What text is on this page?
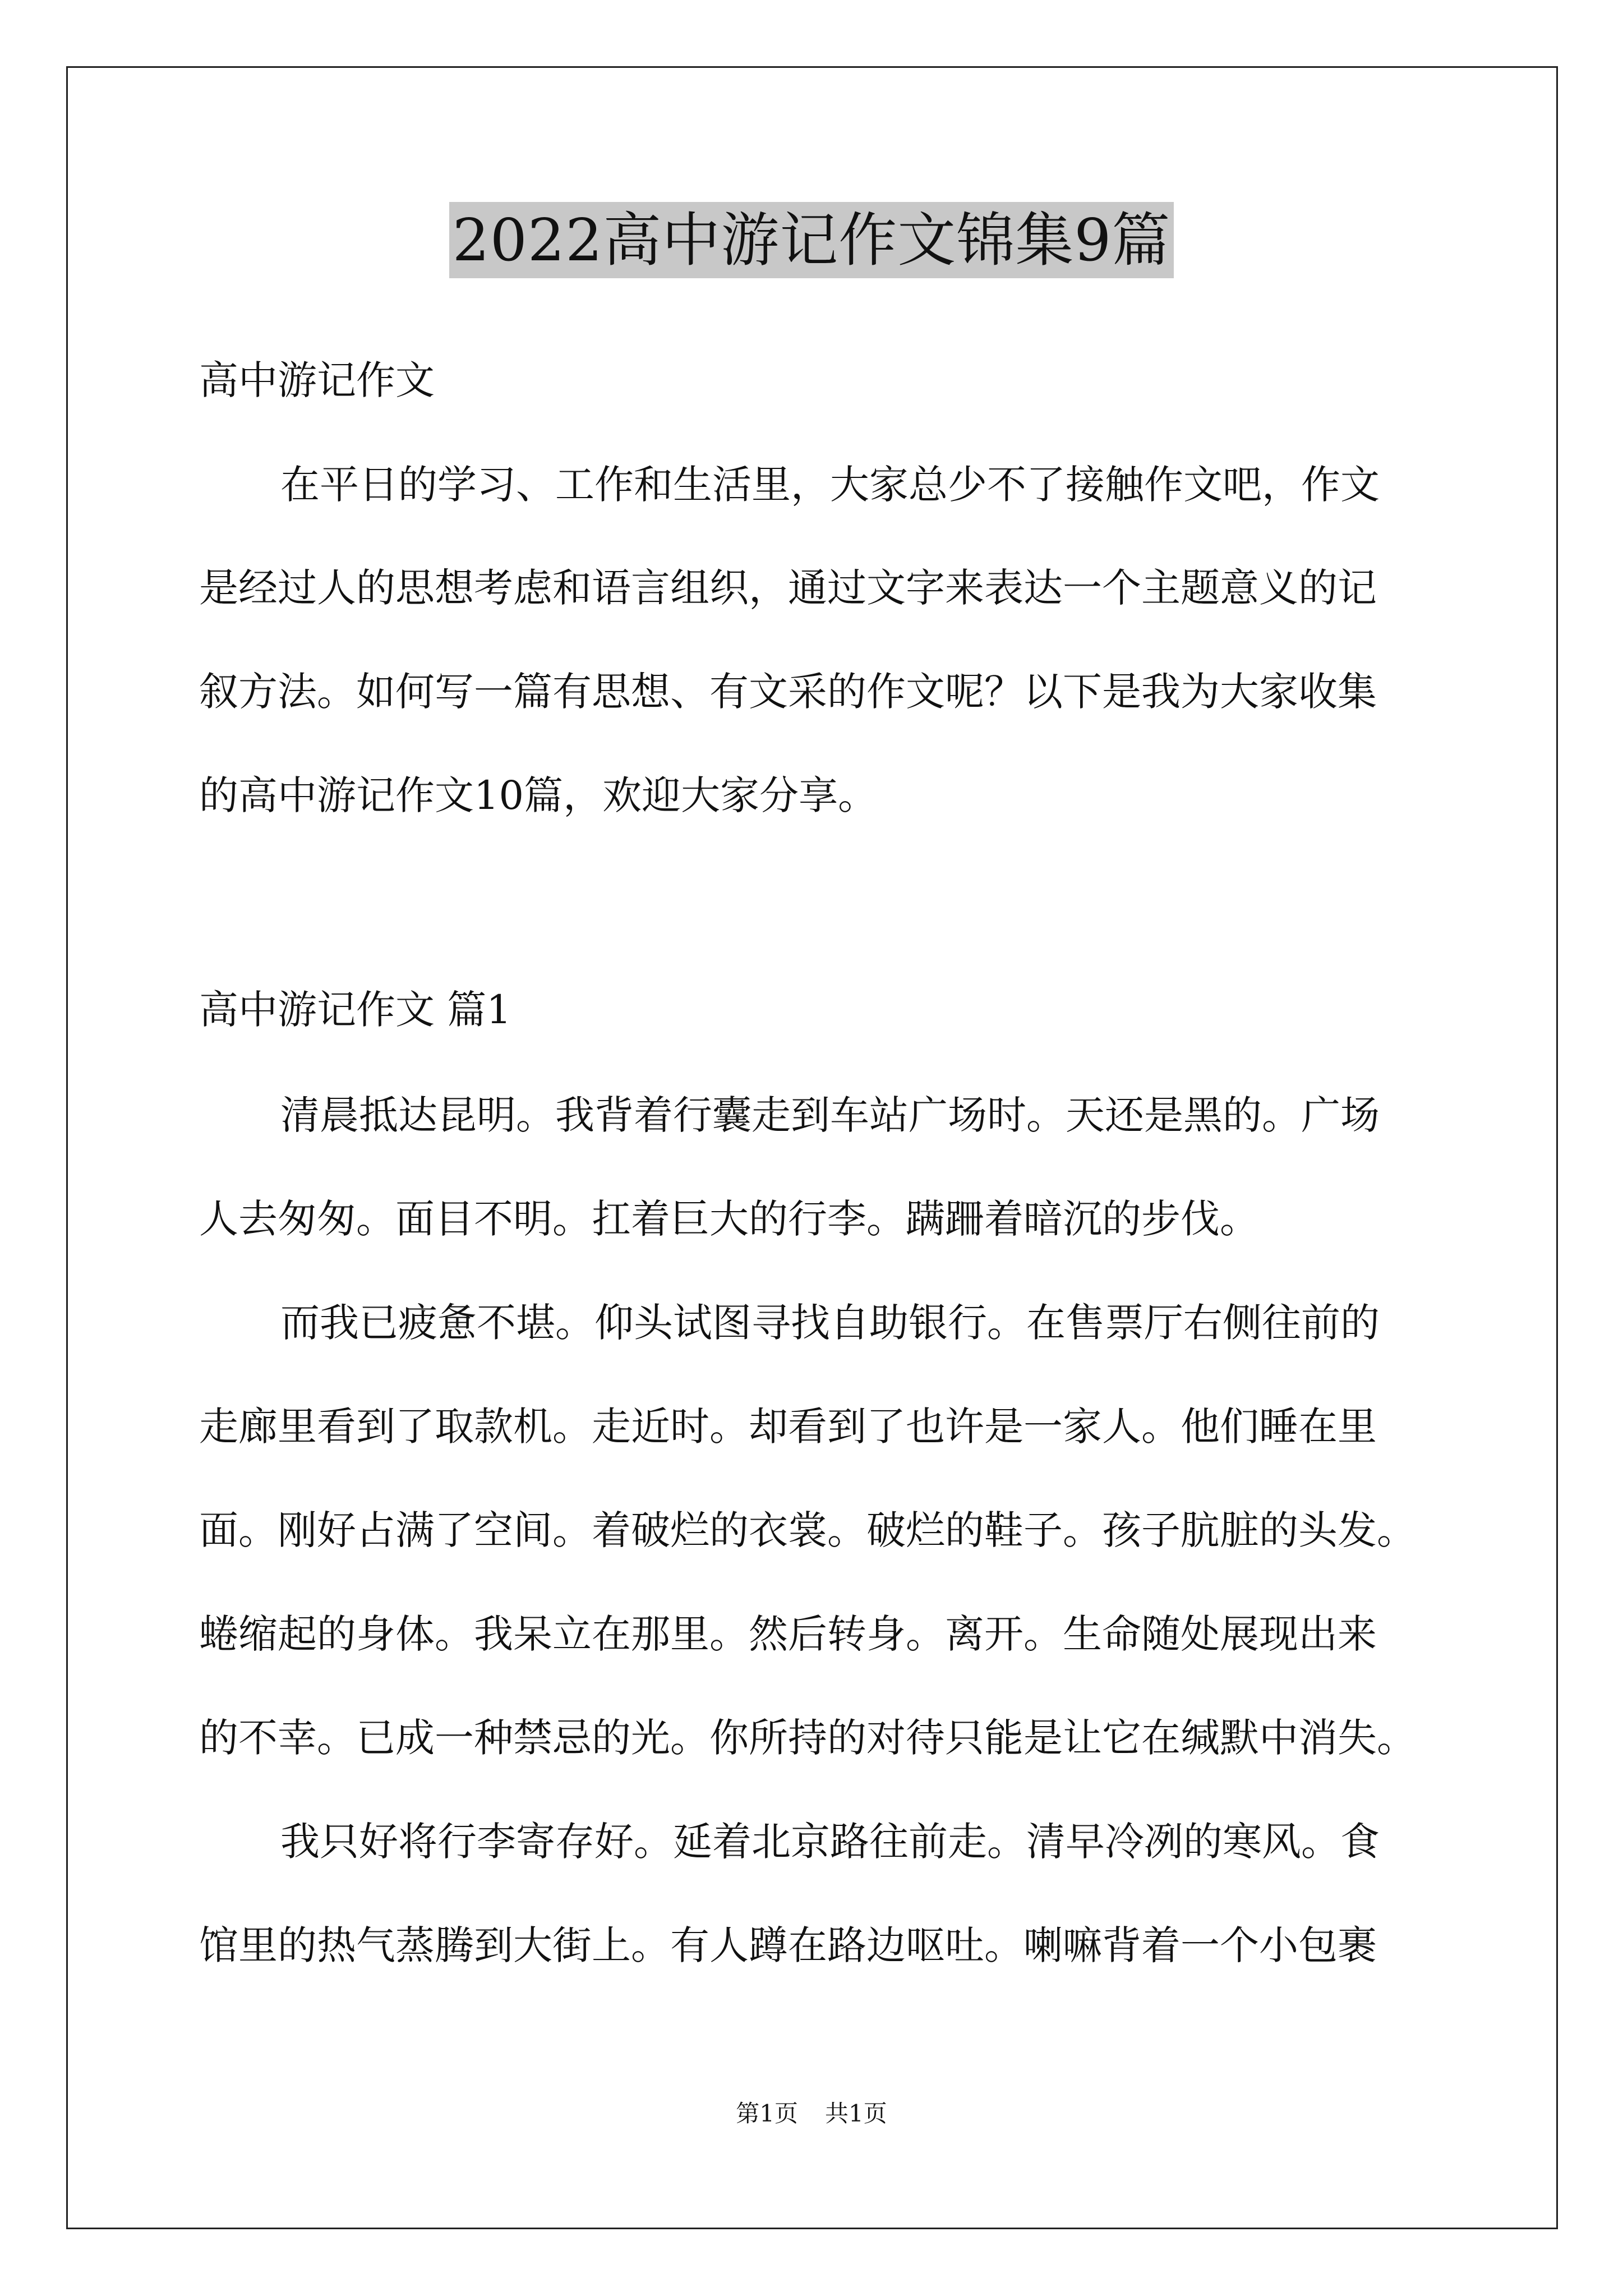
2022高中游记作文锦集9篇
高中游记作文
在平日的学习、工作和生活里，大家总少不了接触作文吧，作文
是经过人的思想考虑和语言组织，通过文字来表达一个主题意义的记
叙方法。如何写一篇有思想、有文采的作文呢？以下是我为大家收集
的高中游记作文10篇，欢迎大家分享。
高中游记作文 篇1
清晨抵达昆明。我背着行囊走到车站广场时。天还是黑的。广场
人去匆匆。面目不明。扛着巨大的行李。蹒跚着暗沉的步伐。
而我已疲惫不堪。仰头试图寻找自助银行。在售票厅右侧往前的
走廊里看到了取款机。走近时。却看到了也许是一家人。他们睡在里
面。刚好占满了空间。着破烂的衣裳。破烂的鞋子。孩子肮脏的头发。
蜷缩起的身体。我呆立在那里。然后转身。离开。生命随处展现出来
的不幸。已成一种禁忌的光。你所持的对待只能是让它在缄默中消失。
我只好将行李寄存好。延着北京路往前走。清早冷冽的寒风。食
馆里的热气蒸腾到大街上。有人蹲在路边呕吐。喇嘛背着一个小包裹
第1页 共1页
